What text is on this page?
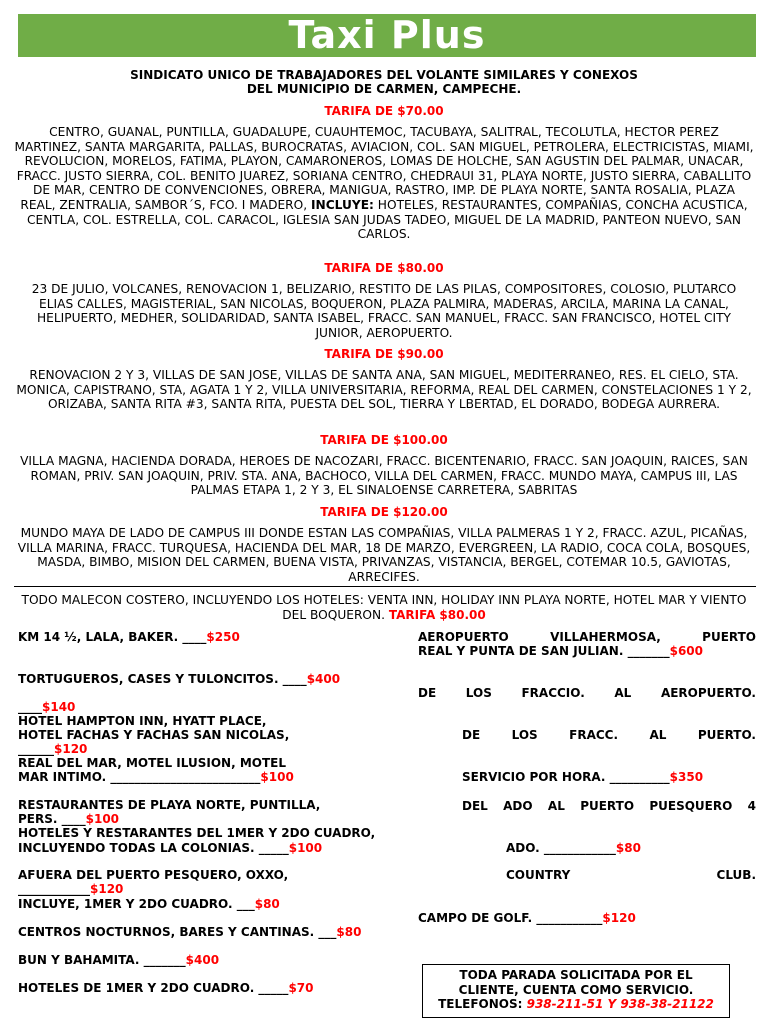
Taxi Plus
SINDICATO UNICO DE TRABAJADORES DEL VOLANTE SIMILARES Y CONEXOS
DEL MUNICIPIO DE CARMEN, CAMPECHE.
TARIFA DE $70.00
CENTRO, GUANAL, PUNTILLA, GUADALUPE, CUAUHTEMOC, TACUBAYA, SALITRAL, TECOLUTLA, HECTOR PEREZ MARTINEZ, SANTA MARGARITA, PALLAS, BUROCRATAS, AVIACION, COL. SAN MIGUEL, PETROLERA, ELECTRICISTAS, MIAMI, REVOLUCION, MORELOS, FATIMA, PLAYON, CAMARONEROS, LOMAS DE HOLCHE, SAN AGUSTIN DEL PALMAR, UNACAR, FRACC. JUSTO SIERRA, COL. BENITO JUAREZ, SORIANA CENTRO, CHEDRAUI 31, PLAYA NORTE, JUSTO SIERRA, CABALLITO DE MAR, CENTRO DE CONVENCIONES, OBRERA, MANIGUA, RASTRO, IMP. DE PLAYA NORTE, SANTA ROSALIA, PLAZA REAL, ZENTRALIA, SAMBOR´S, FCO. I MADERO, INCLUYE: HOTELES, RESTAURANTES, COMPAÑIAS, CONCHA ACUSTICA, CENTLA, COL. ESTRELLA, COL. CARACOL, IGLESIA SAN JUDAS TADEO, MIGUEL DE LA MADRID, PANTEON NUEVO, SAN CARLOS.
TARIFA DE $80.00
23 DE JULIO, VOLCANES, RENOVACION 1, BELIZARIO, RESTITO DE LAS PILAS, COMPOSITORES, COLOSIO, PLUTARCO ELIAS CALLES, MAGISTERIAL, SAN NICOLAS, BOQUERON, PLAZA PALMIRA, MADERAS, ARCILA, MARINA LA CANAL, HELIPUERTO, MEDHER, SOLIDARIDAD, SANTA ISABEL, FRACC. SAN MANUEL, FRACC. SAN FRANCISCO, HOTEL CITY JUNIOR, AEROPUERTO.
TARIFA DE $90.00
RENOVACION 2 Y 3, VILLAS DE SAN JOSE, VILLAS DE SANTA ANA, SAN MIGUEL, MEDITERRANEO, RES. EL CIELO, STA. MONICA, CAPISTRANO, STA, AGATA 1 Y 2, VILLA UNIVERSITARIA, REFORMA, REAL DEL CARMEN, CONSTELACIONES 1 Y 2, ORIZABA, SANTA RITA #3, SANTA RITA, PUESTA DEL SOL, TIERRA Y LBERTAD, EL DORADO, BODEGA AURRERA.
TARIFA DE $100.00
VILLA MAGNA, HACIENDA DORADA, HEROES DE NACOZARI, FRACC. BICENTENARIO, FRACC. SAN JOAQUIN, RAICES, SAN ROMAN, PRIV. SAN JOAQUIN, PRIV. STA. ANA, BACHOCO, VILLA DEL CARMEN, FRACC. MUNDO MAYA, CAMPUS III, LAS PALMAS ETAPA 1, 2 Y 3, EL SINALOENSE CARRETERA, SABRITAS
TARIFA DE $120.00
MUNDO MAYA DE LADO DE CAMPUS III DONDE ESTAN LAS COMPAÑIAS, VILLA PALMERAS 1 Y 2, FRACC. AZUL, PICAÑAS, VILLA MARINA, FRACC. TURQUESA, HACIENDA DEL MAR, 18 DE MARZO, EVERGREEN, LA RADIO, COCA COLA, BOSQUES, MASDA, BIMBO, MISION DEL CARMEN, BUENA VISTA, PRIVANZAS, VISTANCIA, BERGEL, COTEMAR 10.5, GAVIOTAS, ARRECIFES.
TODO MALECON COSTERO, INCLUYENDO LOS HOTELES: VENTA INN, HOLIDAY INN PLAYA NORTE, HOTEL MAR Y VIENTO DEL BOQUERON. TARIFA $80.00
KM 14 ½, LALA, BAKER. ____$250
TORTUGUEROS, CASES Y TULONCITOS. ____$400
____$140
HOTEL HAMPTON INN, HYATT PLACE,
HOTEL FACHAS Y FACHAS SAN NICOLAS,
______$120
REAL DEL MAR, MOTEL ILUSION, MOTEL
MAR INTIMO. _________________________$100
RESTAURANTES DE PLAYA NORTE, PUNTILLA,
PERS. ____$100
HOTELES Y RESTARANTES DEL 1MER Y 2DO CUADRO,
INCLUYENDO TODAS LA COLONIAS. _____$100
AFUERA DEL PUERTO PESQUERO, OXXO,
____________$120
INCLUYE, 1MER Y 2DO CUADRO. ___$80
CENTROS NOCTURNOS, BARES Y CANTINAS. ___$80
BUN Y BAHAMITA. _______$400
HOTELES DE 1MER Y 2DO CUADRO. _____$70
AEROPUERTO VILLAHERMOSA, PUERTO
REAL Y PUNTA DE SAN JULIAN. _______$600
DE LOS FRACCIO. AL AEROPUERTO.
DE LOS FRACC. AL PUERTO.
SERVICIO POR HORA. __________$350
DEL ADO AL PUERTO PUESQUERO 4
ADO. ____________$80
COUNTRY CLUB.
CAMPO DE GOLF. ___________$120
TODA PARADA SOLICITADA POR EL
CLIENTE, CUENTA COMO SERVICIO.
TELEFONOS: 938-211-51 Y 938-38-21122
